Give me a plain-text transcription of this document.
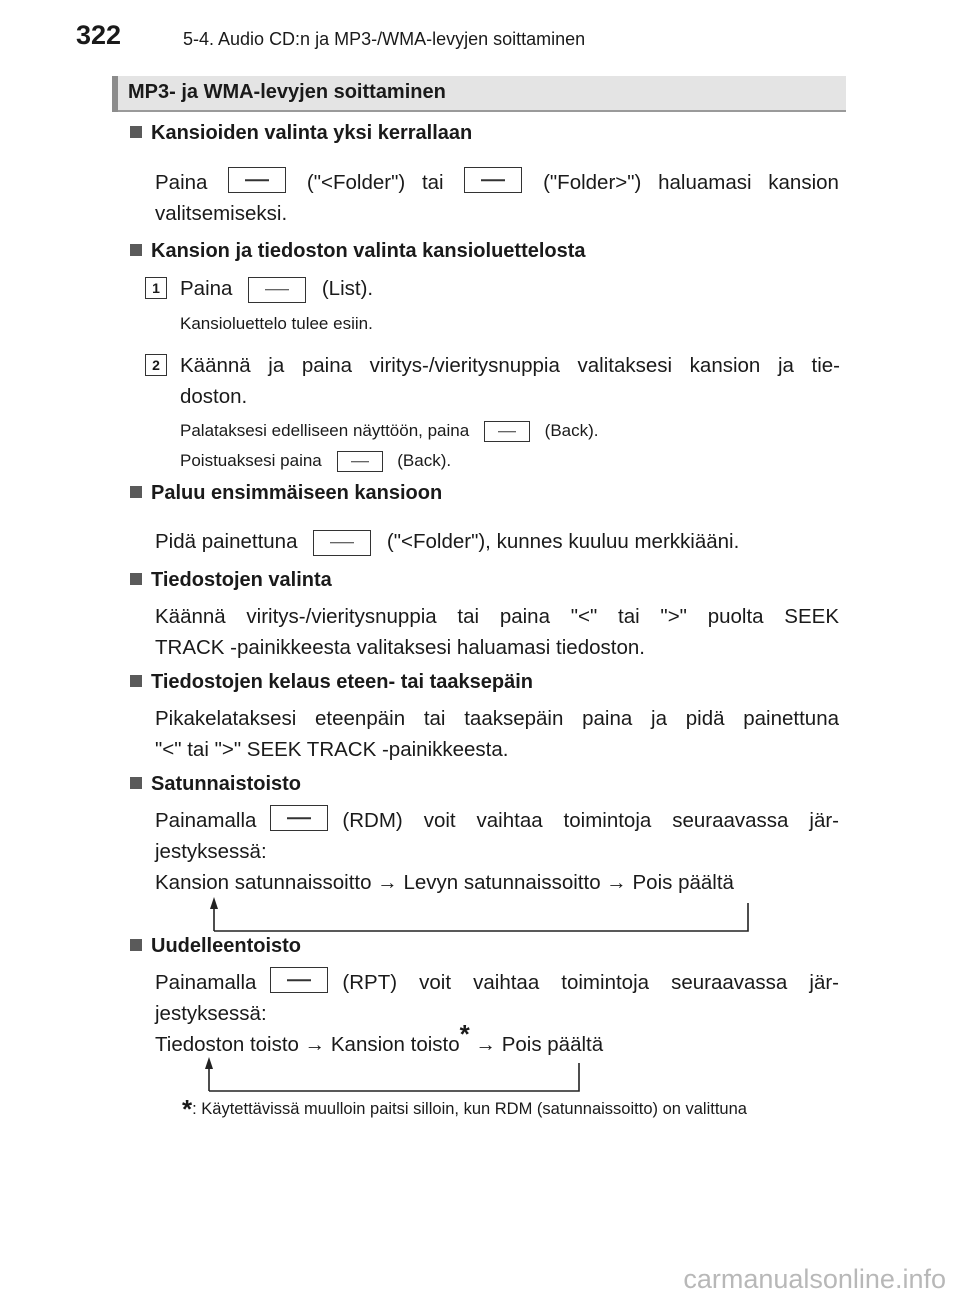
322	5-4. Audio CD:n ja MP3-/WMA-levyjen soittaminen
MP3- ja WMA-levyjen soittaminen
Kansioiden valinta yksi kerrallaan
Paina	("<Folder") tai	("Folder>") haluamasi kansion
valitsemiseksi.
Kansion ja tiedoston valinta kansioluettelosta
1 Paina	(List).
Kansioluettelo tulee esiin.
2 Käännä ja paina viritys-/vieritysnuppia valitaksesi kansion ja tie-
doston.
Palataksesi edelliseen näyttöön, paina	(Back).
Poistuaksesi paina	(Back).
Paluu ensimmäiseen kansioon
Pidä painettuna	("<Folder"), kunnes kuuluu merkkiääni.
Tiedostojen valinta
Käännä viritys-/vieritysnuppia tai paina "<" tai ">" puolta SEEK
TRACK -painikkeesta valitaksesi haluamasi tiedoston.
Tiedostojen kelaus eteen- tai taaksepäin
Pikakelataksesi eteenpäin tai taaksepäin paina ja pidä painettuna
"<" tai ">" SEEK TRACK -painikkeesta.
Satunnaistoisto
Painamalla	(RDM) voit vaihtaa toimintoja seuraavassa jär-
jestyksessä:
Kansion satunnaissoitto → Levyn satunnaissoitto → Pois päältä
Uudelleentoisto
Painamalla	(RPT) voit vaihtaa toimintoja seuraavassa jär-
jestyksessä:
Tiedoston toisto → Kansion toisto* → Pois päältä
*: Käytettävissä muulloin paitsi silloin, kun RDM (satunnaissoitto) on valittuna
carmanualsonline.info
